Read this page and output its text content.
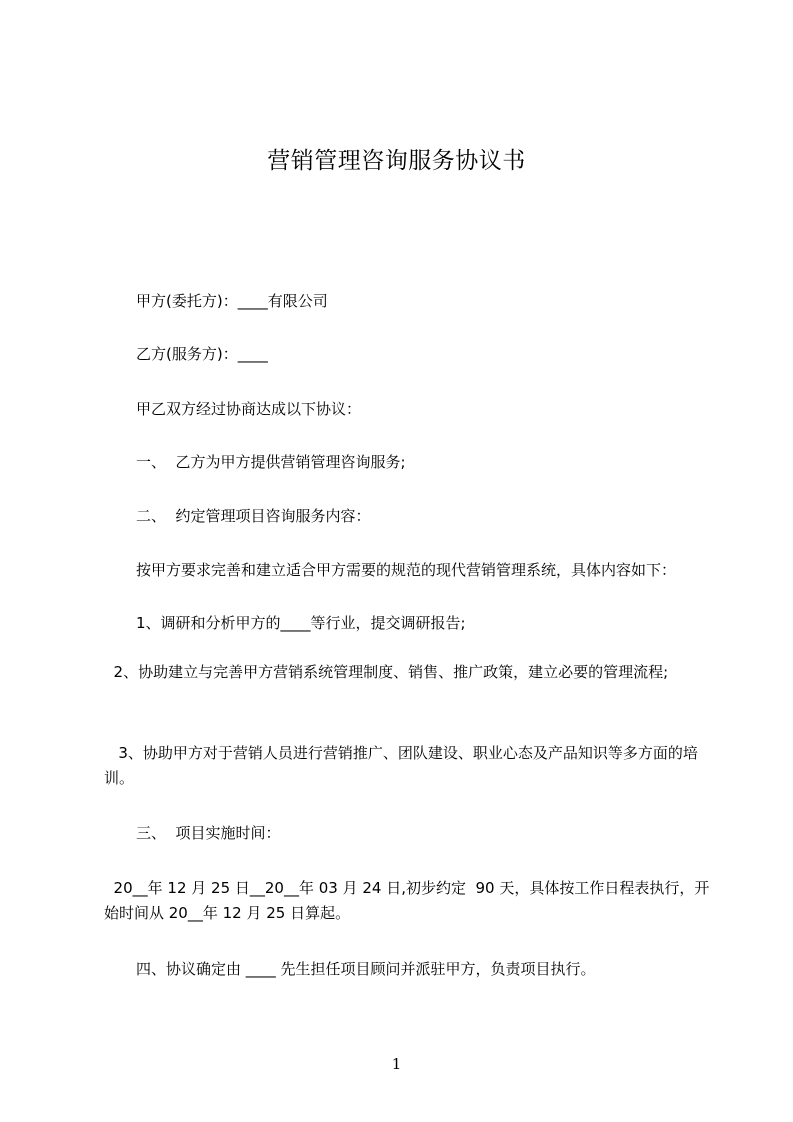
营销管理咨询服务协议书
甲方(委托方)：____有限公司
乙方(服务方)：____
甲乙双方经过协商达成以下协议：
一、  乙方为甲方提供营销管理咨询服务;
二、  约定管理项目咨询服务内容：
按甲方要求完善和建立适合甲方需要的规范的现代营销管理系统，具体内容如下：
1、调研和分析甲方的____等行业，提交调研报告;
2、协助建立与完善甲方营销系统管理制度、销售、推广政策，建立必要的管理流程;
3、协助甲方对于营销人员进行营销推广、团队建设、职业心态及产品知识等多方面的培训。
三、  项目实施时间：
20__年 12 月 25 日__20__年 03 月 24 日,初步约定  90 天，具体按工作日程表执行，开始时间从 20__年 12 月 25 日算起。
四、协议确定由 ____ 先生担任项目顾问并派驻甲方，负责项目执行。
1
